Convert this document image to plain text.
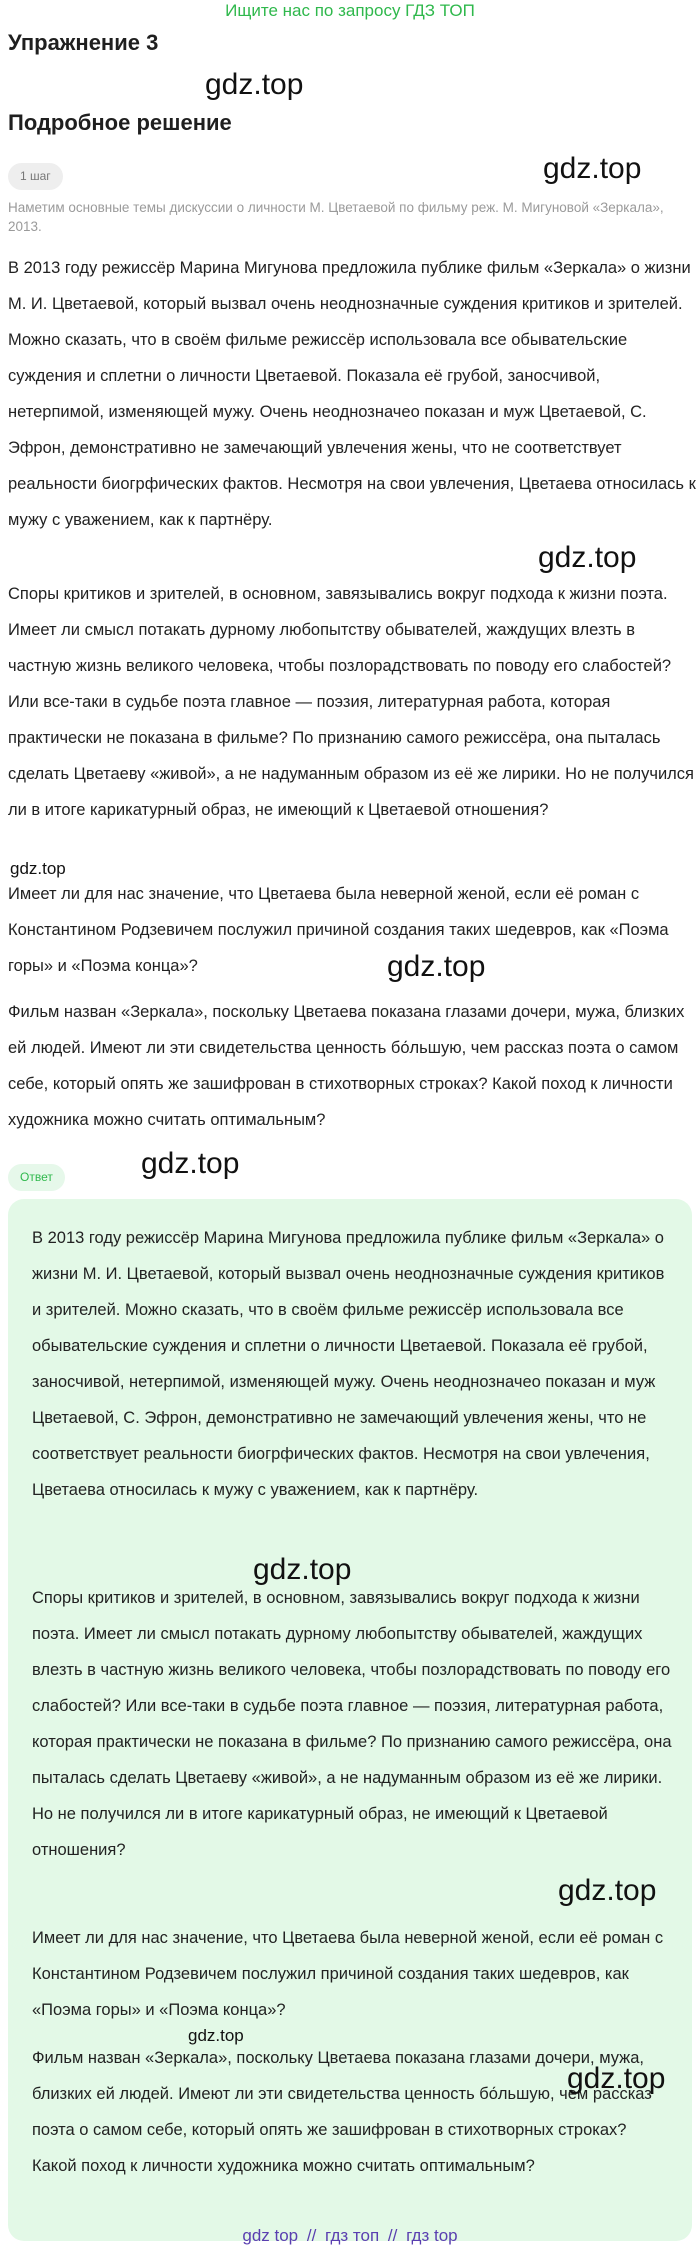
Ищите нас по запросу ГДЗ ТОП
Упражнение 3
Подробное решение
1 шаг
Наметим основные темы дискуссии о личности М. Цветаевой по фильму реж. М. Мигуновой «Зеркала», 2013.
В 2013 году режиссёр Марина Мигунова предложила публике фильм «Зеркала» о жизни М. И. Цветаевой, который вызвал очень неоднозначные суждения критиков и зрителей. Можно сказать, что в своём фильме режиссёр использовала все обывательские суждения и сплетни о личности Цветаевой. Показала её грубой, заносчивой, нетерпимой, изменяющей мужу. Очень неоднозначео показан и муж Цветаевой, С. Эфрон, демонстративно не замечающий увлечения жены, что не соответствует реальности биогрфических фактов. Несмотря на свои увлечения, Цветаева относилась к мужу с уважением, как к партнёру.
Споры критиков и зрителей, в основном, завязывались вокруг подхода к жизни поэта. Имеет ли смысл потакать дурному любопытству обывателей, жаждущих влезть в частную жизнь великого человека, чтобы позлорадствовать по поводу его слабостей? Или все-таки в судьбе поэта главное — поэзия, литературная работа, которая практически не показана в фильме? По признанию самого режиссёра, она пыталась сделать Цветаеву «живой», а не надуманным образом из её же лирики. Но не получился ли в итоге карикатурный образ, не имеющий к Цветаевой отношения?
Имеет ли для нас значение, что Цветаева была неверной женой, если её роман с Константином Родзевичем послужил причиной создания таких шедевров, как «Поэма горы» и «Поэма конца»?
Фильм назван «Зеркала», поскольку Цветаева показана глазами дочери, мужа, близких ей людей. Имеют ли эти свидетельства ценность бо́льшую, чем рассказ поэта о самом себе, который опять же зашифрован в стихотворных строках? Какой поход к личности художника можно считать оптимальным?
Ответ
В 2013 году режиссёр Марина Мигунова предложила публике фильм «Зеркала» о жизни М. И. Цветаевой, который вызвал очень неоднозначные суждения критиков и зрителей. Можно сказать, что в своём фильме режиссёр использовала все обывательские суждения и сплетни о личности Цветаевой. Показала её грубой, заносчивой, нетерпимой, изменяющей мужу. Очень неоднозначео показан и муж Цветаевой, С. Эфрон, демонстративно не замечающий увлечения жены, что не соответствует реальности биогрфических фактов. Несмотря на свои увлечения, Цветаева относилась к мужу с уважением, как к партнёру.
Споры критиков и зрителей, в основном, завязывались вокруг подхода к жизни поэта. Имеет ли смысл потакать дурному любопытству обывателей, жаждущих влезть в частную жизнь великого человека, чтобы позлорадствовать по поводу его слабостей? Или все-таки в судьбе поэта главное — поэзия, литературная работа, которая практически не показана в фильме? По признанию самого режиссёра, она пыталась сделать Цветаеву «живой», а не надуманным образом из её же лирики. Но не получился ли в итоге карикатурный образ, не имеющий к Цветаевой отношения?
Имеет ли для нас значение, что Цветаева была неверной женой, если её роман с Константином Родзевичем послужил причиной создания таких шедевров, как «Поэма горы» и «Поэма конца»?
Фильм назван «Зеркала», поскольку Цветаева показана глазами дочери, мужа, близких ей людей. Имеют ли эти свидетельства ценность бо́льшую, чем рассказ поэта о самом себе, который опять же зашифрован в стихотворных строках? Какой поход к личности художника можно считать оптимальным?
gdz.top
gdz.top
gdz.top
gdz.top
gdz.top
gdz.top
gdz.top
gdz.top
gdz.top
gdz.top
gdz top // гдз топ // гдз top
